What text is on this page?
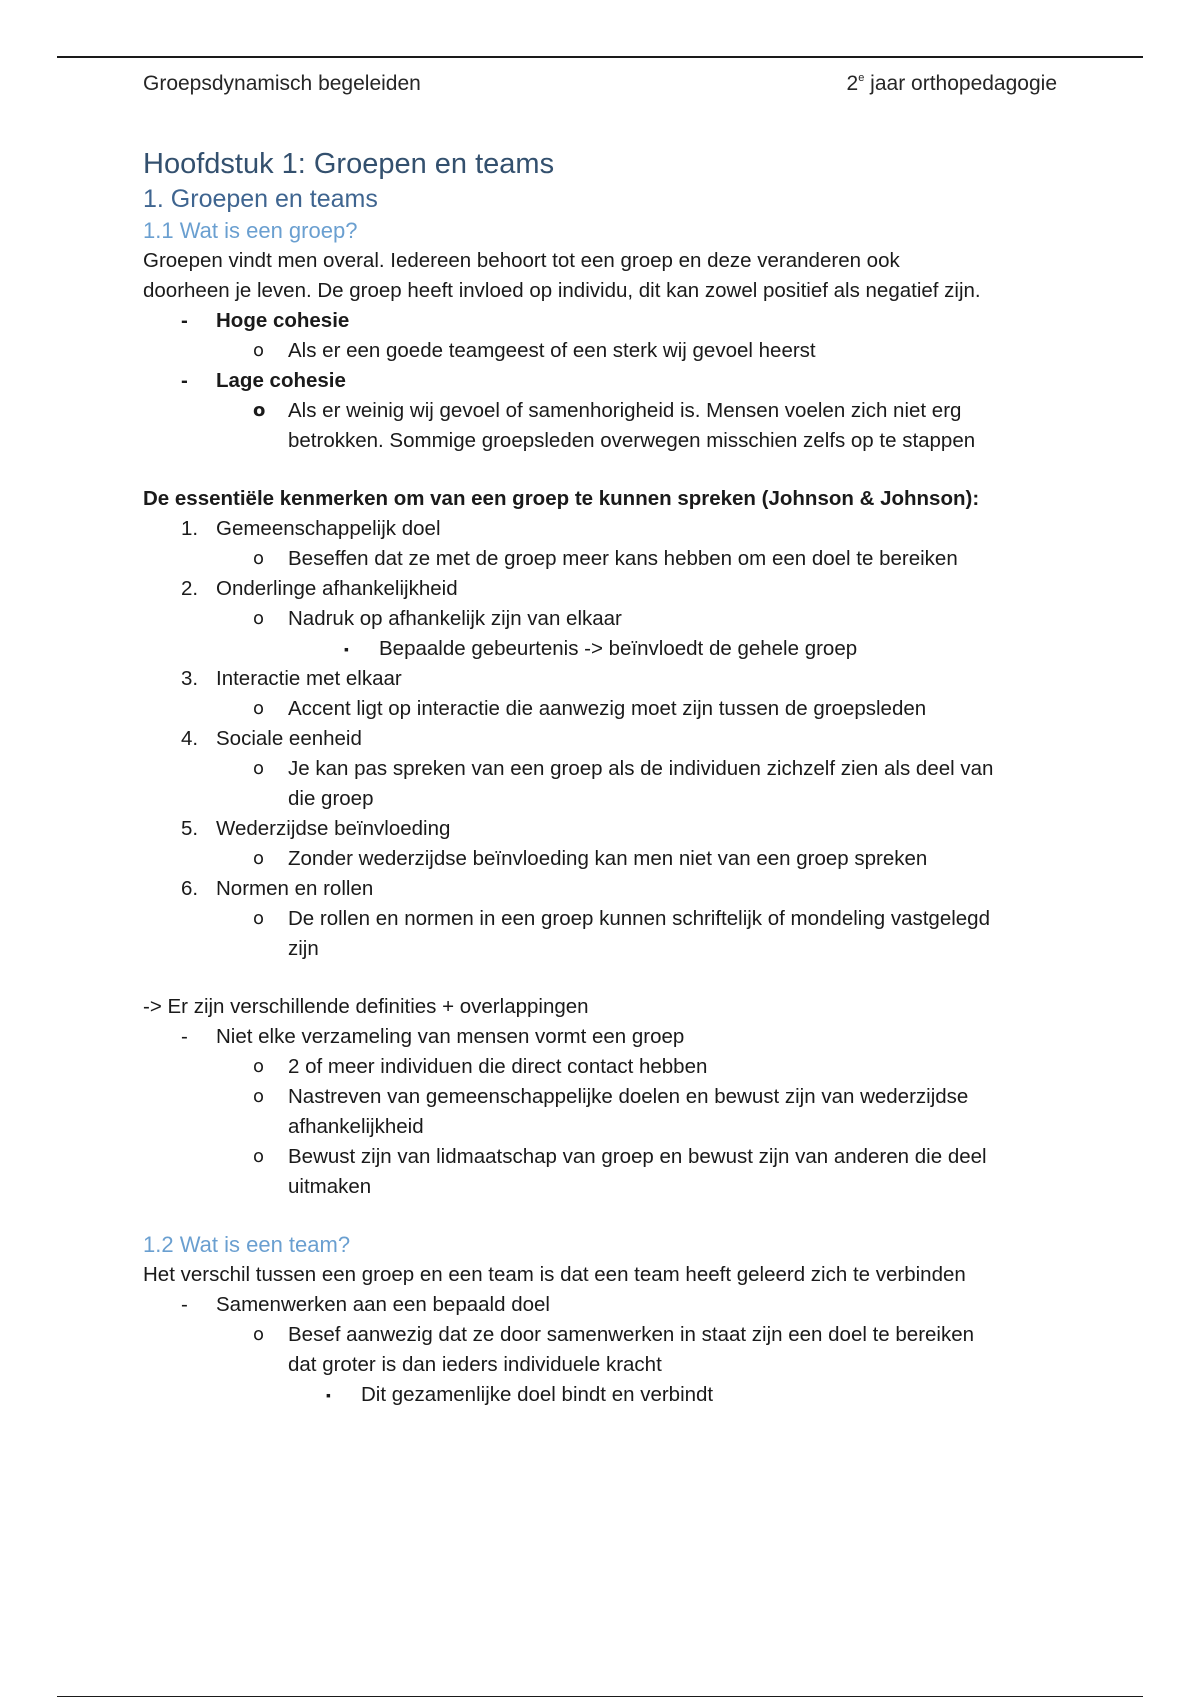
Groepsdynamisch begeleiden	2e jaar orthopedagogie
Hoofdstuk 1: Groepen en teams
1. Groepen en teams
1.1 Wat is een groep?

Groepen vindt men overal. Iedereen behoort tot een groep en deze veranderen ook

doorheen je leven. De groep heeft invloed op individu, dit kan zowel positief als negatief zijn.

- Hoge cohesie
o Als er een goede teamgeest of een sterk wij gevoel heerst
- Lage cohesie
o Als er weinig wij gevoel of samenhorigheid is. Mensen voelen zich niet erg
betrokken. Sommige groepsleden overwegen misschien zelfs op te stappen

De essentiële kenmerken om van een groep te kunnen spreken (Johnson & Johnson):

1. Gemeenschappelijk doel
o Beseffen dat ze met de groep meer kans hebben om een doel te bereiken
2. Onderlinge afhankelijkheid
o Nadruk op afhankelijk zijn van elkaar
▪ Bepaalde gebeurtenis -> beïnvloedt de gehele groep
3. Interactie met elkaar
o Accent ligt op interactie die aanwezig moet zijn tussen de groepsleden
4. Sociale eenheid
o Je kan pas spreken van een groep als de individuen zichzelf zien als deel van
die groep
5. Wederzijdse beïnvloeding
o Zonder wederzijdse beïnvloeding kan men niet van een groep spreken
6. Normen en rollen
o De rollen en normen in een groep kunnen schriftelijk of mondeling vastgelegd
zijn

-> Er zijn verschillende definities + overlappingen

- Niet elke verzameling van mensen vormt een groep
o 2 of meer individuen die direct contact hebben
o Nastreven van gemeenschappelijke doelen en bewust zijn van wederzijdse
afhankelijkheid
o Bewust zijn van lidmaatschap van groep en bewust zijn van anderen die deel
uitmaken
1.2 Wat is een team?

Het verschil tussen een groep en een team is dat een team heeft geleerd zich te verbinden

- Samenwerken aan een bepaald doel
o Besef aanwezig dat ze door samenwerken in staat zijn een doel te bereiken
dat groter is dan ieders individuele kracht
▪ Dit gezamenlijke doel bindt en verbindt
